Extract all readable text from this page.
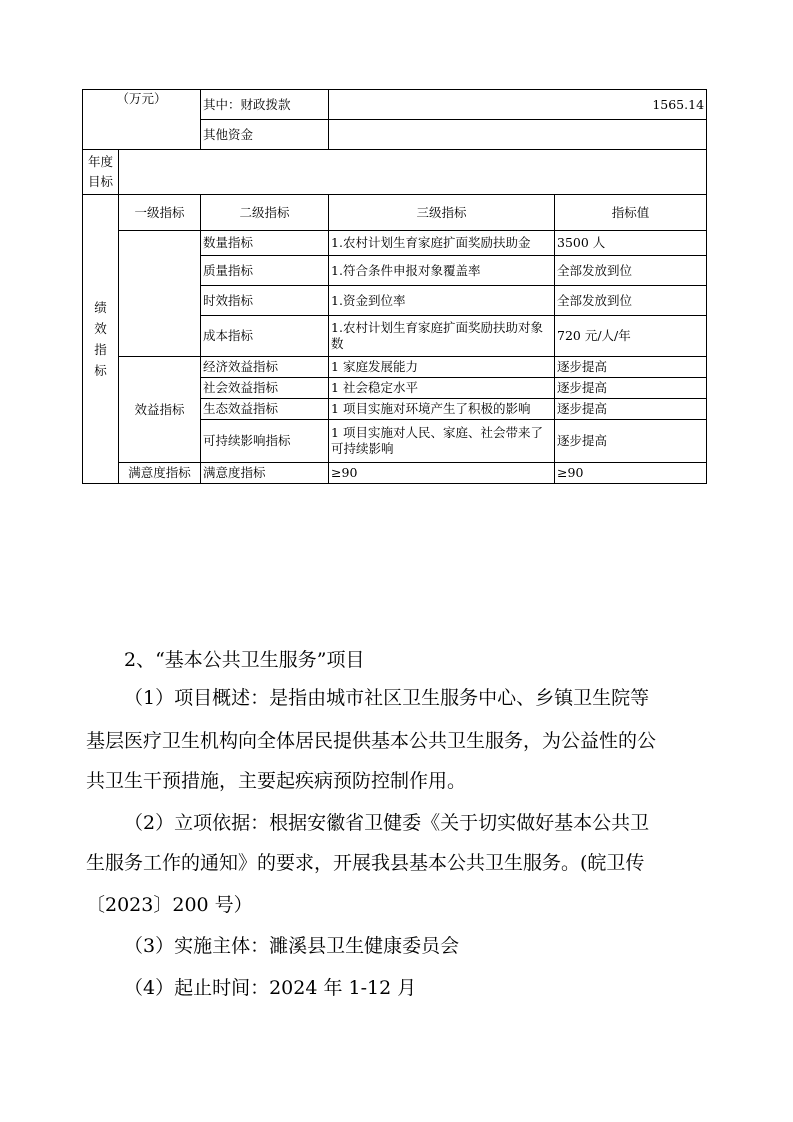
（万元）		其中：财政拨款	1565.14	
		其他资金		
年度
目标				

绩
效
指
标	一级指标	二级指标	三级指标	指标值
		数量指标	1.农村计划生育家庭扩面奖励扶助金	3500 人
		质量指标	1.符合条件申报对象覆盖率	全部发放到位
		时效指标	1.资金到位率	全部发放到位
		成本指标	1.农村计划生育家庭扩面奖励扶助对象数	720 元/人/年
	效益指标	经济效益指标	1 家庭发展能力	逐步提高
		社会效益指标	1 社会稳定水平	逐步提高
		生态效益指标	1 项目实施对环境产生了积极的影响	逐步提高
		可持续影响指标	1 项目实施对人民、家庭、社会带来了可持续影响	逐步提高
	满意度指标	满意度指标	≥90	≥90
2、“基本公共卫生服务”项目
（1）项目概述：是指由城市社区卫生服务中心、乡镇卫生院等
基层医疗卫生机构向全体居民提供基本公共卫生服务，为公益性的公
共卫生干预措施，主要起疾病预防控制作用。
（2）立项依据：根据安徽省卫健委《关于切实做好基本公共卫
生服务工作的通知》的要求，开展我县基本公共卫生服务。(皖卫传
〔2023〕200 号）
（3）实施主体：濉溪县卫生健康委员会
（4）起止时间：2024 年 1-12 月
